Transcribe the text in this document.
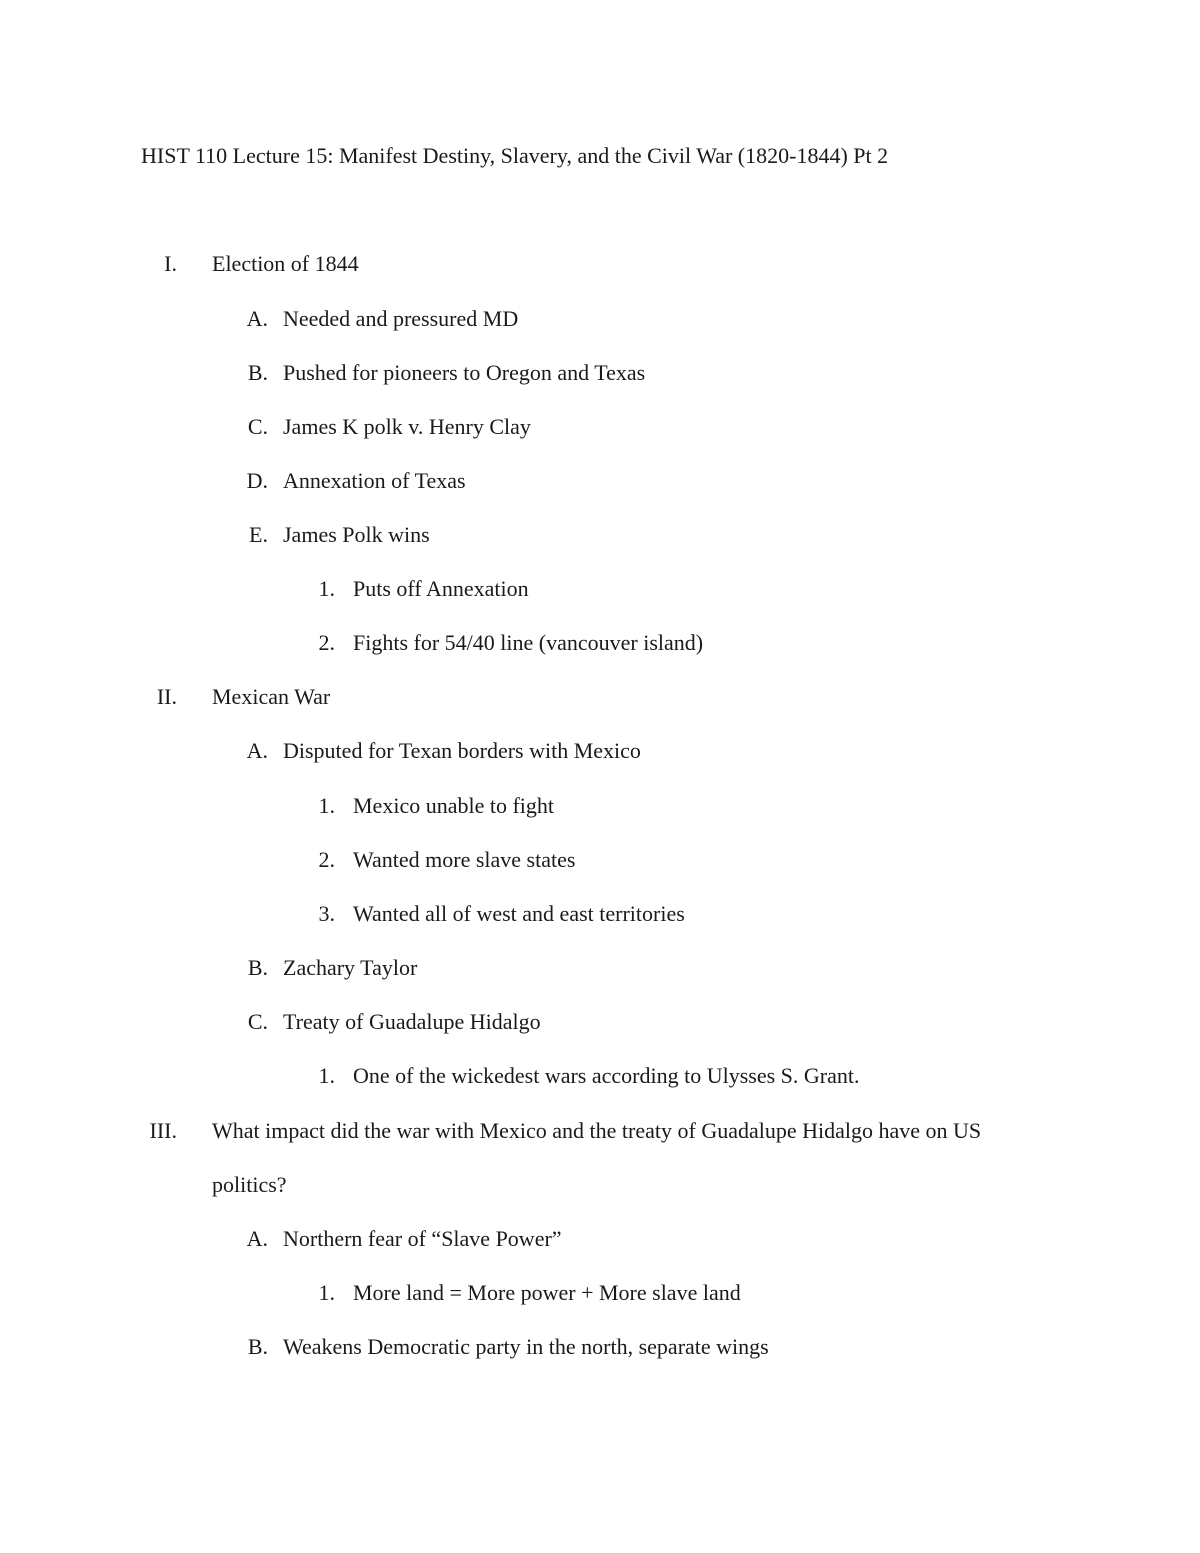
HIST 110 Lecture 15: Manifest Destiny, Slavery, and the Civil War (1820-1844) Pt 2
I. Election of 1844
A. Needed and pressured MD
B. Pushed for pioneers to Oregon and Texas
C. James K polk v. Henry Clay
D. Annexation of Texas
E. James Polk wins
1. Puts off Annexation
2. Fights for 54/40 line (vancouver island)
II. Mexican War
A. Disputed for Texan borders with Mexico
1. Mexico unable to fight
2. Wanted more slave states
3. Wanted all of west and east territories
B. Zachary Taylor
C. Treaty of Guadalupe Hidalgo
1. One of the wickedest wars according to Ulysses S. Grant.
III. What impact did the war with Mexico and the treaty of Guadalupe Hidalgo have on US
politics?
A. Northern fear of “Slave Power”
1. More land = More power + More slave land
B. Weakens Democratic party in the north, separate wings
